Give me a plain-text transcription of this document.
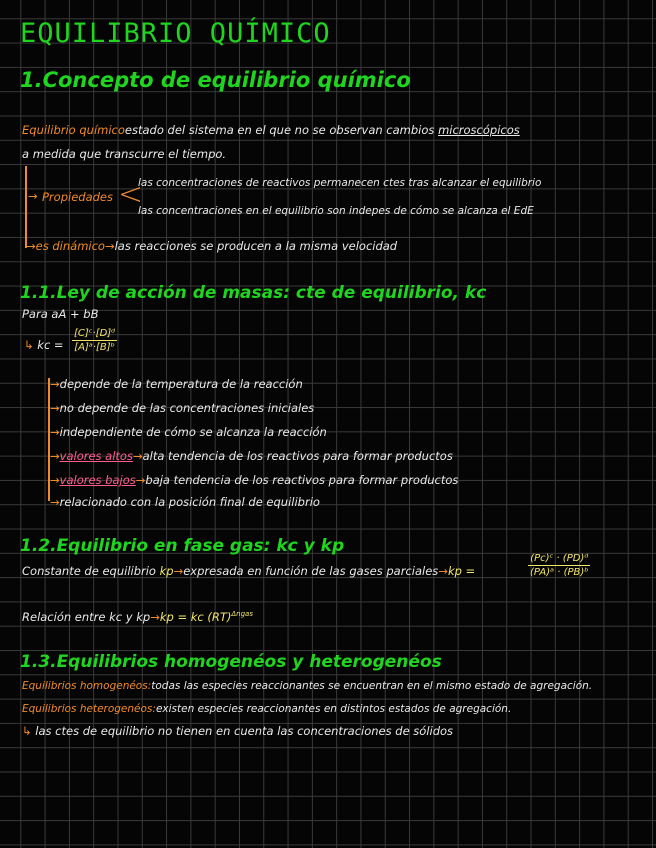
EQUILIBRIO QUÍMICO
1.Concepto de equilibrio químico
Equilibrio químicoestado del sistema en el que no se observan cambios microscópicos
a medida que transcurre el tiempo.
→ Propiedades <
las concentraciones de reactivos permanecen ctes tras alcanzar el equilibrio
las concentraciones en el equilibrio son indepes de cómo se alcanza el EdE
→es dinámico→las reacciones se producen a la misma velocidad
1.1.Ley de acción de masas: cte de equilibrio, kc
Para aA + bB
↳ kc = $\frac{\text{[C]ᶜ·[D]ᵈ}}{\text{[A]ᵃ·[B]ᵇ}}$
→depende de la temperatura de la reacción
→no depende de las concentraciones iniciales
→independiente de cómo se alcanza la reacción
→valores altos→alta tendencia de los reactivos para formar productos
→valores bajos→baja tendencia de los reactivos para formar productos
→relacionado con la posición final de equilibrio
1.2.Equilibrio en fase gas: kc y kp
Constante de equilibrio kp→expresada en función de las gases parciales→kp =	$\frac{\text{(Pc)ᶜ · (PD)ᵈ}}{\text{(PA)ᵃ · (PB)ᵇ}}$
Relación entre kc y kp→kp = kc (RT)$^{\Delta ngas}$
1.3.Equilibrios homogenéos y heterogenéos
Equilibrios homogenéos:todas las especies reaccionantes se encuentran en el mismo estado de agregación.
Equilibrios heterogenéos:existen especies reaccionantes en distintos estados de agregación.
↳ las ctes de equilibrio no tienen en cuenta las concentraciones de sólidos
